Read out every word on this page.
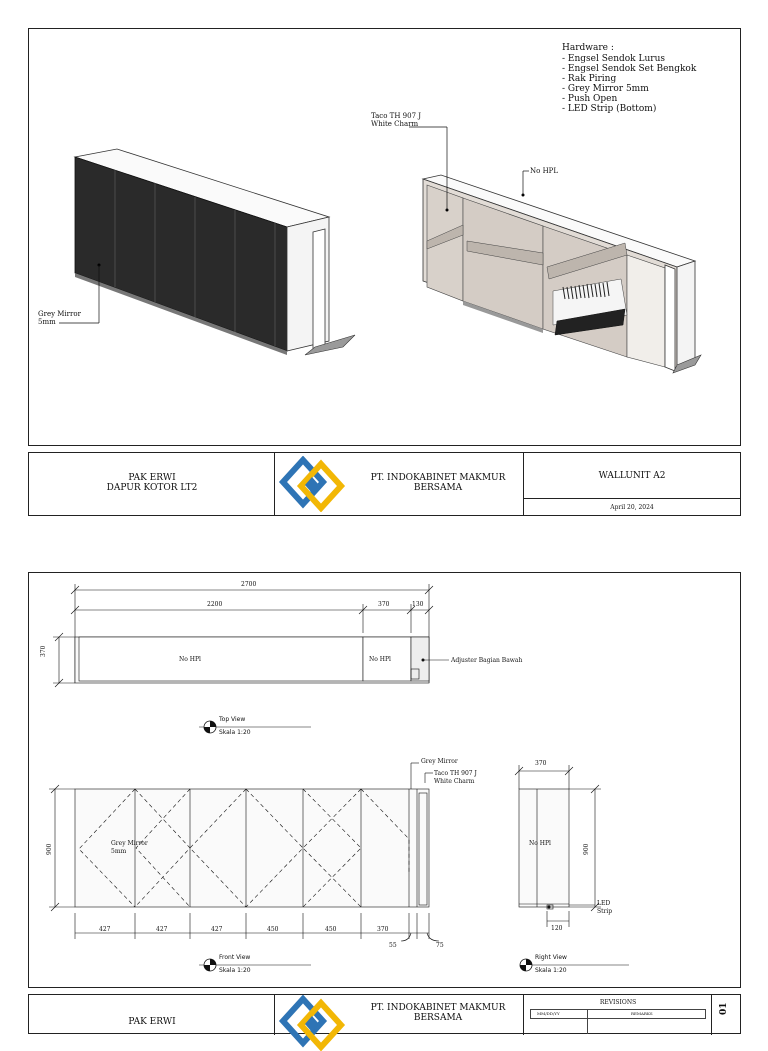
Hardware :
- Engsel Sendok Lurus
- Engsel Sendok Set Bengkok
- Rak Piring
- Grey Mirror 5mm
- Push Open
- LED Strip (Bottom)
Taco TH 907 J
White Charm
No HPL
Grey Mirror
5mm
PAK ERWI
DAPUR KOTOR LT2
PT. INDOKABINET MAKMUR
BERSAMA
WALLUNIT A2
April 20, 2024
2700
2200	370	130
370
No HPl	No HPl	Adjuster Bagian Bawah
Top View
Skala 1:20
900
427	427	427	450	450	370
55	75
Grey Mirror
Taco TH 907 J
White Charm
Grey Mirror
5mm
Front View
Skala 1:20
370
900
120
No HPl
LED
Strip
Right View
Skala 1:20
PAK ERWI
PT. INDOKABINET MAKMUR
BERSAMA
REVISIONS
MM/DD/YY	REMARKS	01
